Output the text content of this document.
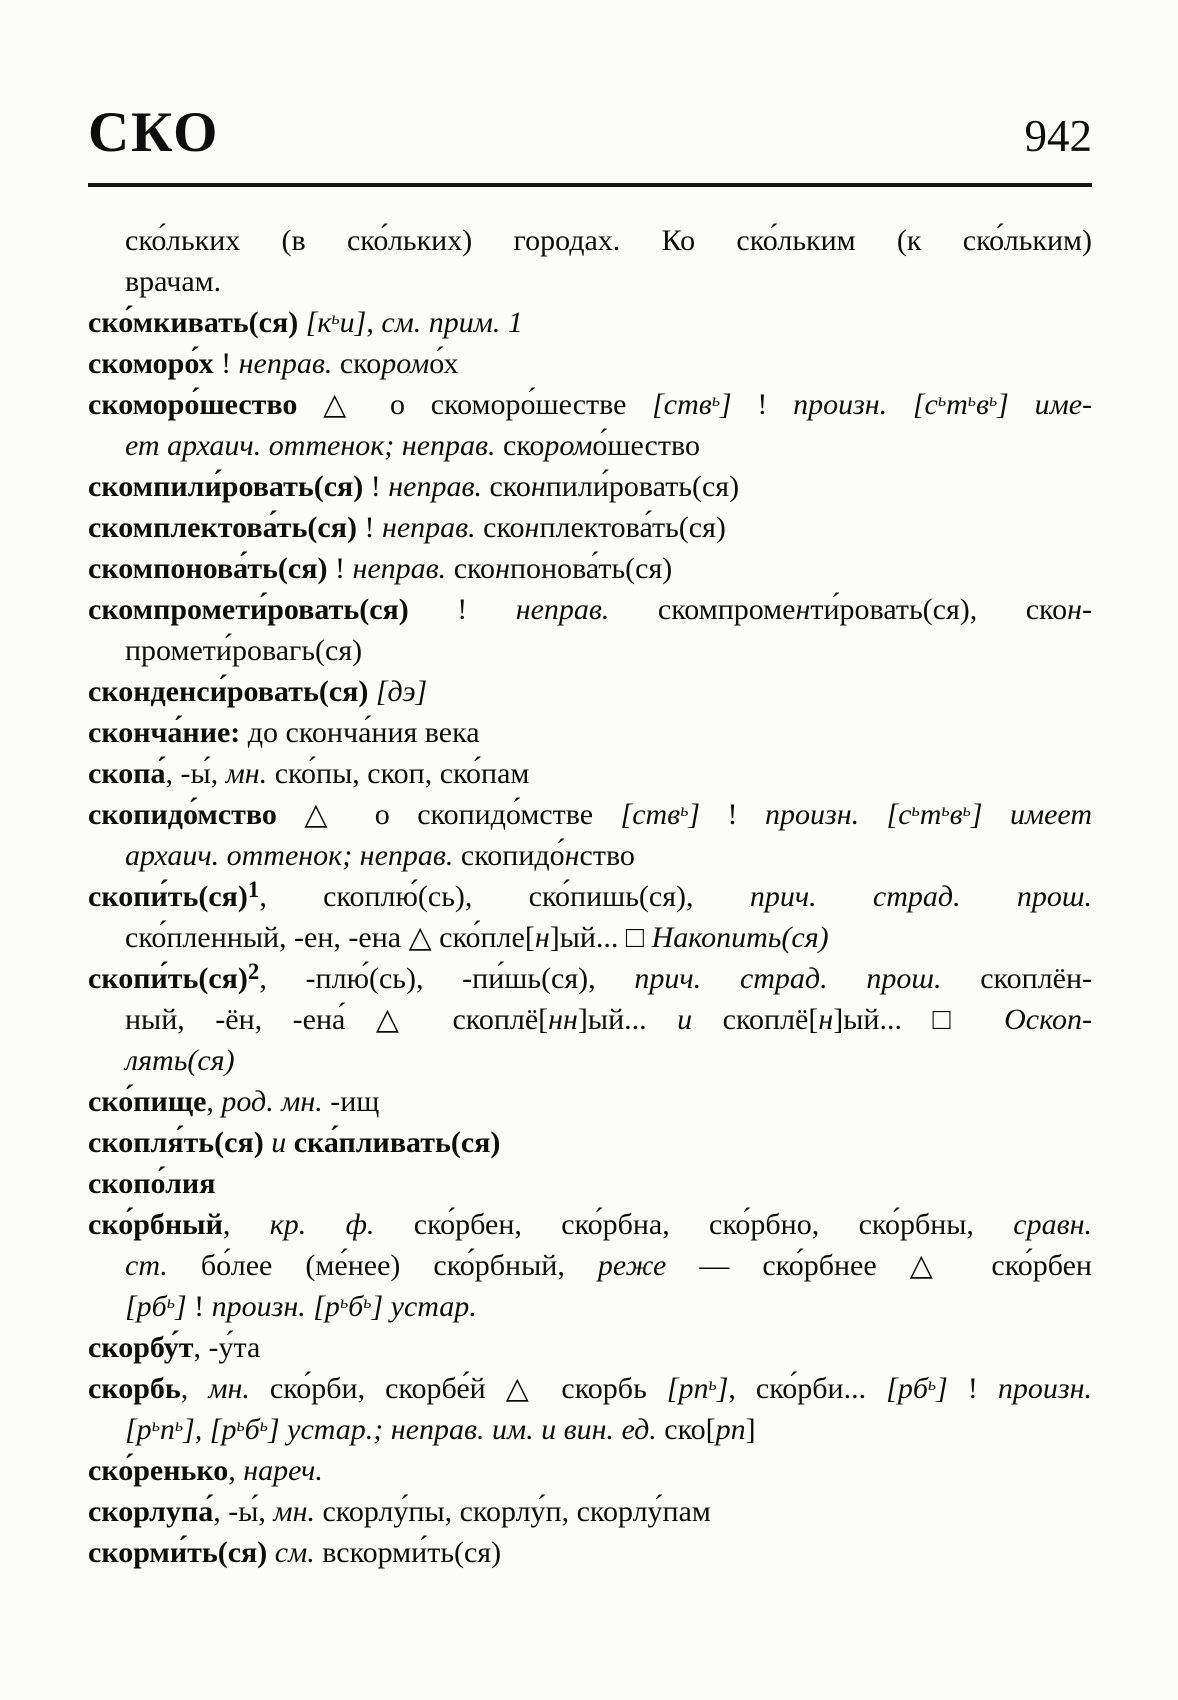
СКО	942
ско́льких (в ско́льких) городах. Ко ско́льким (к ско́льким)
врачам.
ско́мкивать(ся) $[к^ьи]$, см. прим. 1
скоморо́х ! неправ. скоромо́х
скоморо́шество △ о скоморо́шестве [ств$^ь$] ! произн. $[с^ьт^ьв^ь]$ име-
ет архаич. оттенок; неправ. скоромо́шество
скомпили́ровать(ся) ! неправ. сконпили́ровать(ся)
скомплектова́ть(ся) ! неправ. сконплектова́ть(ся)
скомпонова́ть(ся) ! неправ. сконпонова́ть(ся)
скомпромети́ровать(ся) ! неправ. скомпроменти́ровать(ся), скон-
промети́ровагь(ся)
сконденси́ровать(ся) [дэ]
сконча́ние: до сконча́ния века
скопа́, -ы́, мн. ско́пы, скоп, ско́пам
скопидо́мство △ о скопидо́мстве [ств$^ь$] ! произн. $[с^ьт^ьв^ь]$ имеет
архаич. оттенок; неправ. скопидо́нство
скопи́ть(ся)$^1$, скоплю́(сь), ско́пишь(ся), прич. страд. прош.
ско́пленный, -ен, -ена △ ско́пле[н]ый... □ Накопить(ся)
скопи́ть(ся)$^2$, -плю́(сь), -пи́шь(ся), прич. страд. прош. скоплён-
ный, -ён, -ена́ △ скоплё[нн]ый... и скоплё[н]ый... □ Оскоп-
лять(ся)
ско́пище, род. мн. -ищ
скопля́ть(ся) и ска́пливать(ся)
скопо́лия
ско́рбный, кр. ф. ско́рбен, ско́рбна, ско́рбно, ско́рбны, сравн.
ст. бо́лее (ме́нее) ско́рбный, реже — ско́рбнее △ ско́рбен
$[рб^ь]$ ! произн. $[р^ьб^ь]$ устар.
скорбу́т, -у́та
скорбь, мн. ско́рби, скорбе́й △ скорбь $[рп^ь]$, ско́рби... $[рб^ь]$ ! произн.
$[р^ьп^ь]$, $[р^ьб^ь]$ устар.; неправ. им. и вин. ед. ско[рп]
ско́ренько, нареч.
скорлупа́, -ы́, мн. скорлу́пы, скорлу́п, скорлу́пам
скорми́ть(ся) см. вскорми́ть(ся)
